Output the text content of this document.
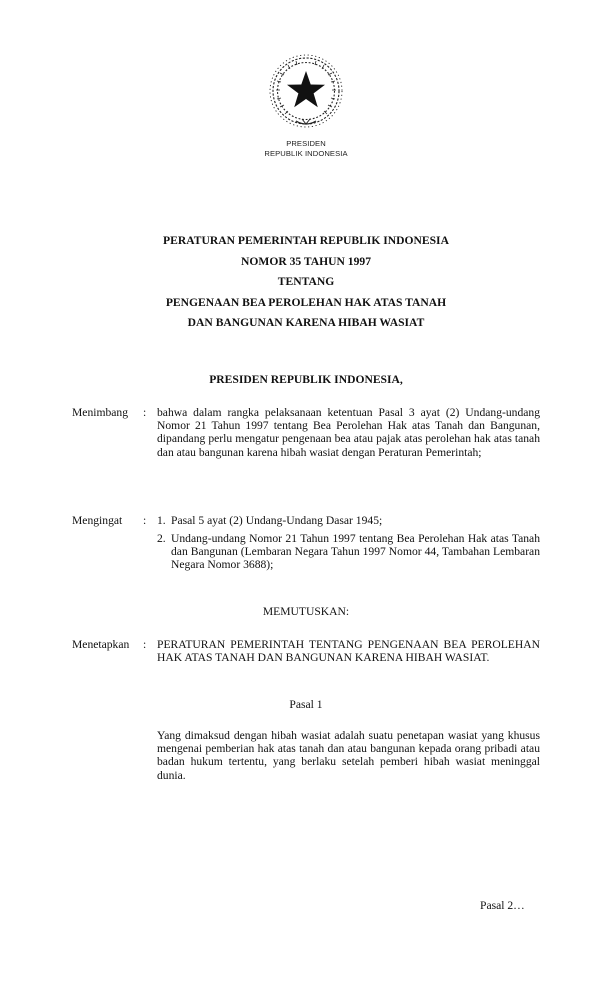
PRESIDEN
REPUBLIK INDONESIA
PERATURAN PEMERINTAH REPUBLIK INDONESIA
NOMOR 35 TAHUN 1997
TENTANG
PENGENAAN BEA PEROLEHAN HAK ATAS TANAH
DAN BANGUNAN KARENA HIBAH WASIAT
PRESIDEN REPUBLIK INDONESIA,
Menimbang	: bahwa dalam rangka pelaksanaan ketentuan Pasal 3 ayat (2) Undang-undang Nomor 21 Tahun 1997 tentang Bea Perolehan Hak atas Tanah dan Bangunan, dipandang perlu mengatur pengenaan bea atau pajak atas perolehan hak atas tanah dan atau bangunan karena hibah wasiat dengan Peraturan Pemerintah;
Mengingat	: 1. Pasal 5 ayat (2) Undang-Undang Dasar 1945;
2. Undang-undang Nomor 21 Tahun 1997 tentang Bea Perolehan Hak atas Tanah dan Bangunan (Lembaran Negara Tahun 1997 Nomor 44, Tambahan Lembaran Negara Nomor 3688);
MEMUTUSKAN:
Menetapkan	: PERATURAN PEMERINTAH TENTANG PENGENAAN BEA PEROLEHAN HAK ATAS TANAH DAN BANGUNAN KARENA HIBAH WASIAT.
Pasal 1
Yang dimaksud dengan hibah wasiat adalah suatu penetapan wasiat yang khusus mengenai pemberian hak atas tanah dan atau bangunan kepada orang pribadi atau badan hukum tertentu, yang berlaku setelah pemberi hibah wasiat meninggal dunia.
Pasal 2…
